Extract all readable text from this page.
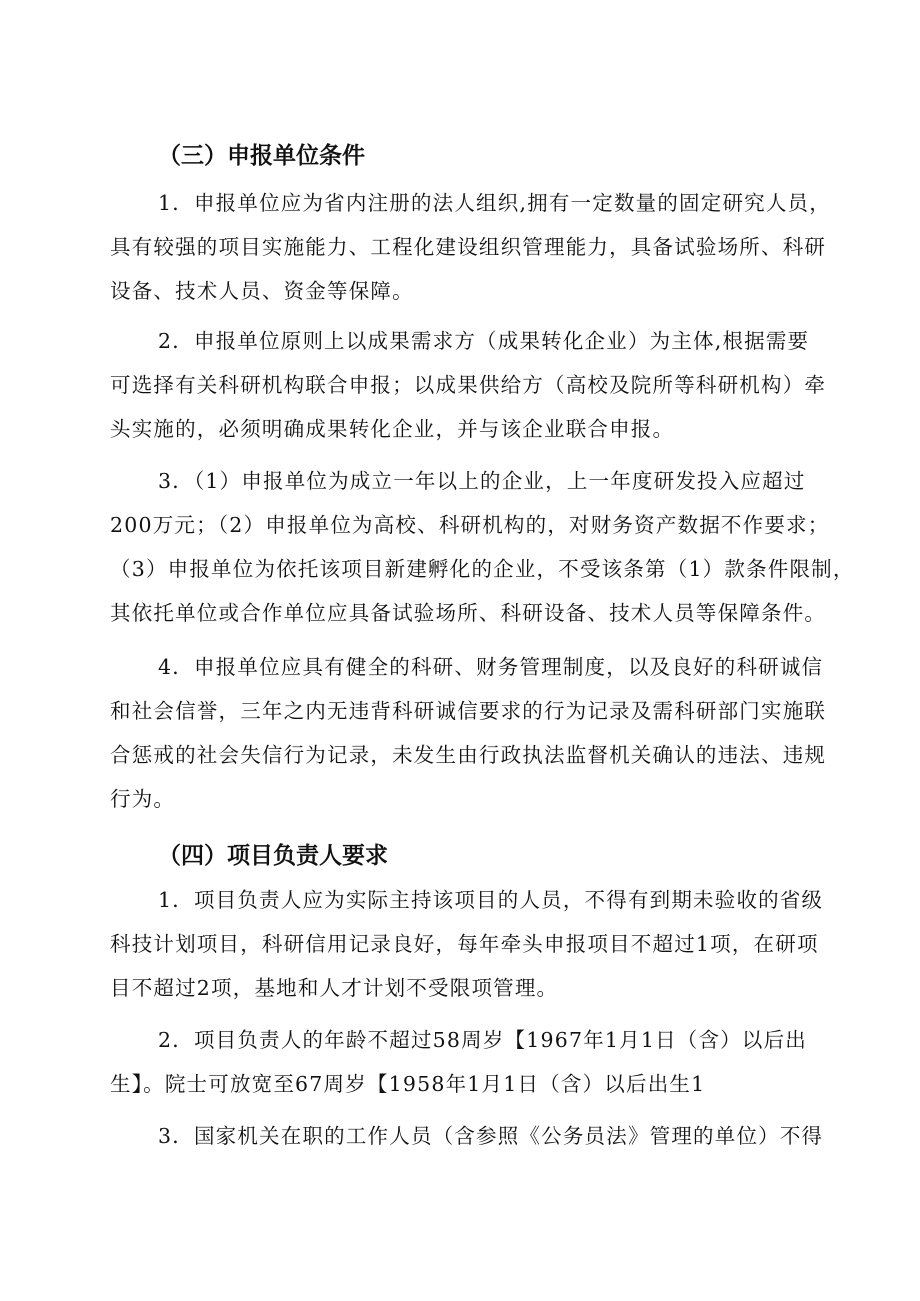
（三）申报单位条件
1．申报单位应为省内注册的法人组织,拥有一定数量的固定研究人员，
具有较强的项目实施能力、工程化建设组织管理能力，具备试验场所、科研
设备、技术人员、资金等保障。
2．申报单位原则上以成果需求方（成果转化企业）为主体,根据需要
可选择有关科研机构联合申报；以成果供给方（高校及院所等科研机构）牵
头实施的，必须明确成果转化企业，并与该企业联合申报。
3．（1）申报单位为成立一年以上的企业，上一年度研发投入应超过
200万元；（2）申报单位为高校、科研机构的，对财务资产数据不作要求；
（3）申报单位为依托该项目新建孵化的企业，不受该条第（1）款条件限制，
其依托单位或合作单位应具备试验场所、科研设备、技术人员等保障条件。
4．申报单位应具有健全的科研、财务管理制度，以及良好的科研诚信
和社会信誉，三年之内无违背科研诚信要求的行为记录及需科研部门实施联
合惩戒的社会失信行为记录，未发生由行政执法监督机关确认的违法、违规
行为。
（四）项目负责人要求
1．项目负责人应为实际主持该项目的人员，不得有到期未验收的省级
科技计划项目，科研信用记录良好，每年牵头申报项目不超过1项，在研项
目不超过2项，基地和人才计划不受限项管理。
2．项目负责人的年龄不超过58周岁【1967年1月1日（含）以后出
生】。院士可放宽至67周岁【1958年1月1日（含）以后出生1
3．国家机关在职的工作人员（含参照《公务员法》管理的单位）不得
